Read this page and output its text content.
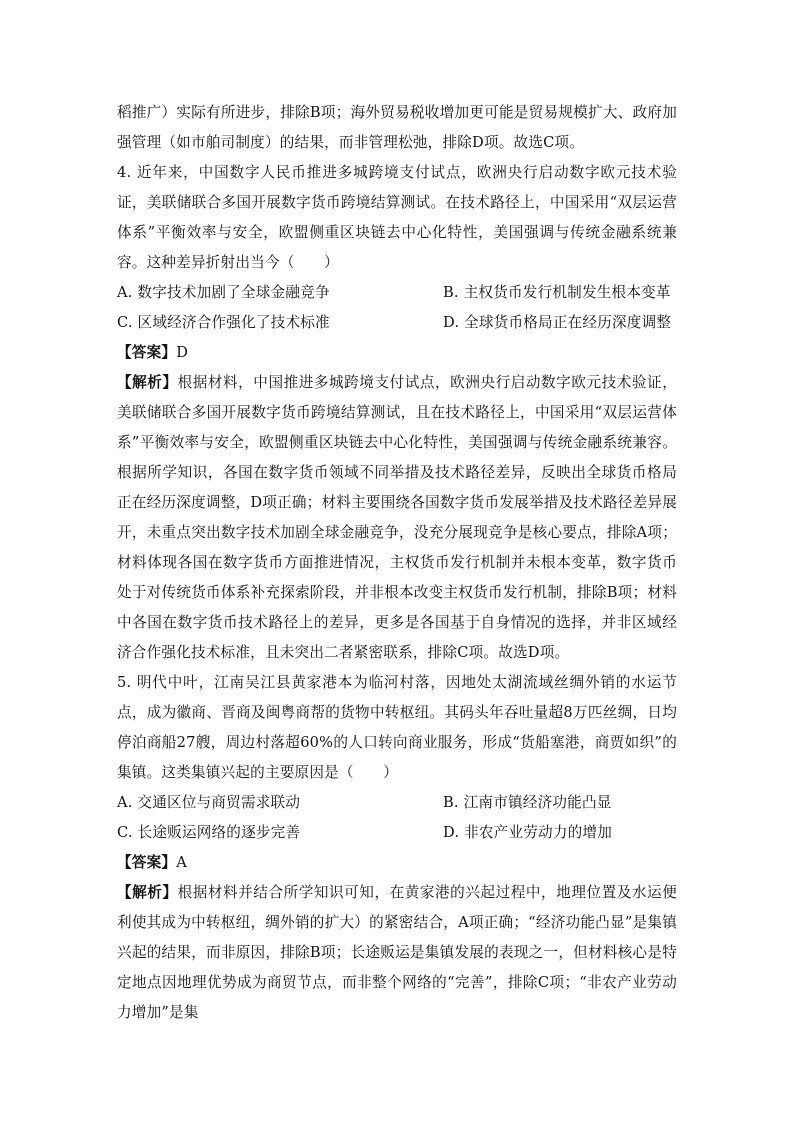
稻推广）实际有所进步，排除B项；海外贸易税收增加更可能是贸易规模扩大、政府加强管理（如市舶司制度）的结果，而非管理松弛，排除D项。故选C项。

4. 近年来，中国数字人民币推进多城跨境支付试点，欧洲央行启动数字欧元技术验证，美联储联合多国开展数字货币跨境结算测试。在技术路径上，中国采用“双层运营体系”平衡效率与安全，欧盟侧重区块链去中心化特性，美国强调与传统金融系统兼容。这种差异折射出当今（　　）

A. 数字技术加剧了全球金融竞争	B. 主权货币发行机制发生根本变革
C. 区域经济合作强化了技术标准	D. 全球货币格局正在经历深度调整

【答案】D

【解析】根据材料，中国推进多城跨境支付试点，欧洲央行启动数字欧元技术验证，美联储联合多国开展数字货币跨境结算测试，且在技术路径上，中国采用“双层运营体系”平衡效率与安全，欧盟侧重区块链去中心化特性，美国强调与传统金融系统兼容。根据所学知识，各国在数字货币领域不同举措及技术路径差异，反映出全球货币格局正在经历深度调整，D项正确；材料主要围绕各国数字货币发展举措及技术路径差异展开，未重点突出数字技术加剧全球金融竞争，没充分展现竞争是核心要点，排除A项；材料体现各国在数字货币方面推进情况，主权货币发行机制并未根本变革，数字货币处于对传统货币体系补充探索阶段，并非根本改变主权货币发行机制，排除B项；材料中各国在数字货币技术路径上的差异，更多是各国基于自身情况的选择，并非区域经济合作强化技术标准，且未突出二者紧密联系，排除C项。故选D项。

5. 明代中叶，江南吴江县黄家港本为临河村落，因地处太湖流域丝绸外销的水运节点，成为徽商、晋商及闽粤商帮的货物中转枢纽。其码头年吞吐量超8万匹丝绸，日均停泊商船27艘，周边村落超60%的人口转向商业服务，形成“货船塞港，商贾如织”的集镇。这类集镇兴起的主要原因是（　　）

A. 交通区位与商贸需求联动	B. 江南市镇经济功能凸显
C. 长途贩运网络的逐步完善	D. 非农产业劳动力的增加

【答案】A

【解析】根据材料并结合所学知识可知，在黄家港的兴起过程中，地理位置及水运便利使其成为中转枢纽，绸外销的扩大）的紧密结合，A项正确；“经济功能凸显”是集镇兴起的结果，而非原因，排除B项；长途贩运是集镇发展的表现之一，但材料核心是特定地点因地理优势成为商贸节点，而非整个网络的“完善”，排除C项；“非农产业劳动力增加”是集
